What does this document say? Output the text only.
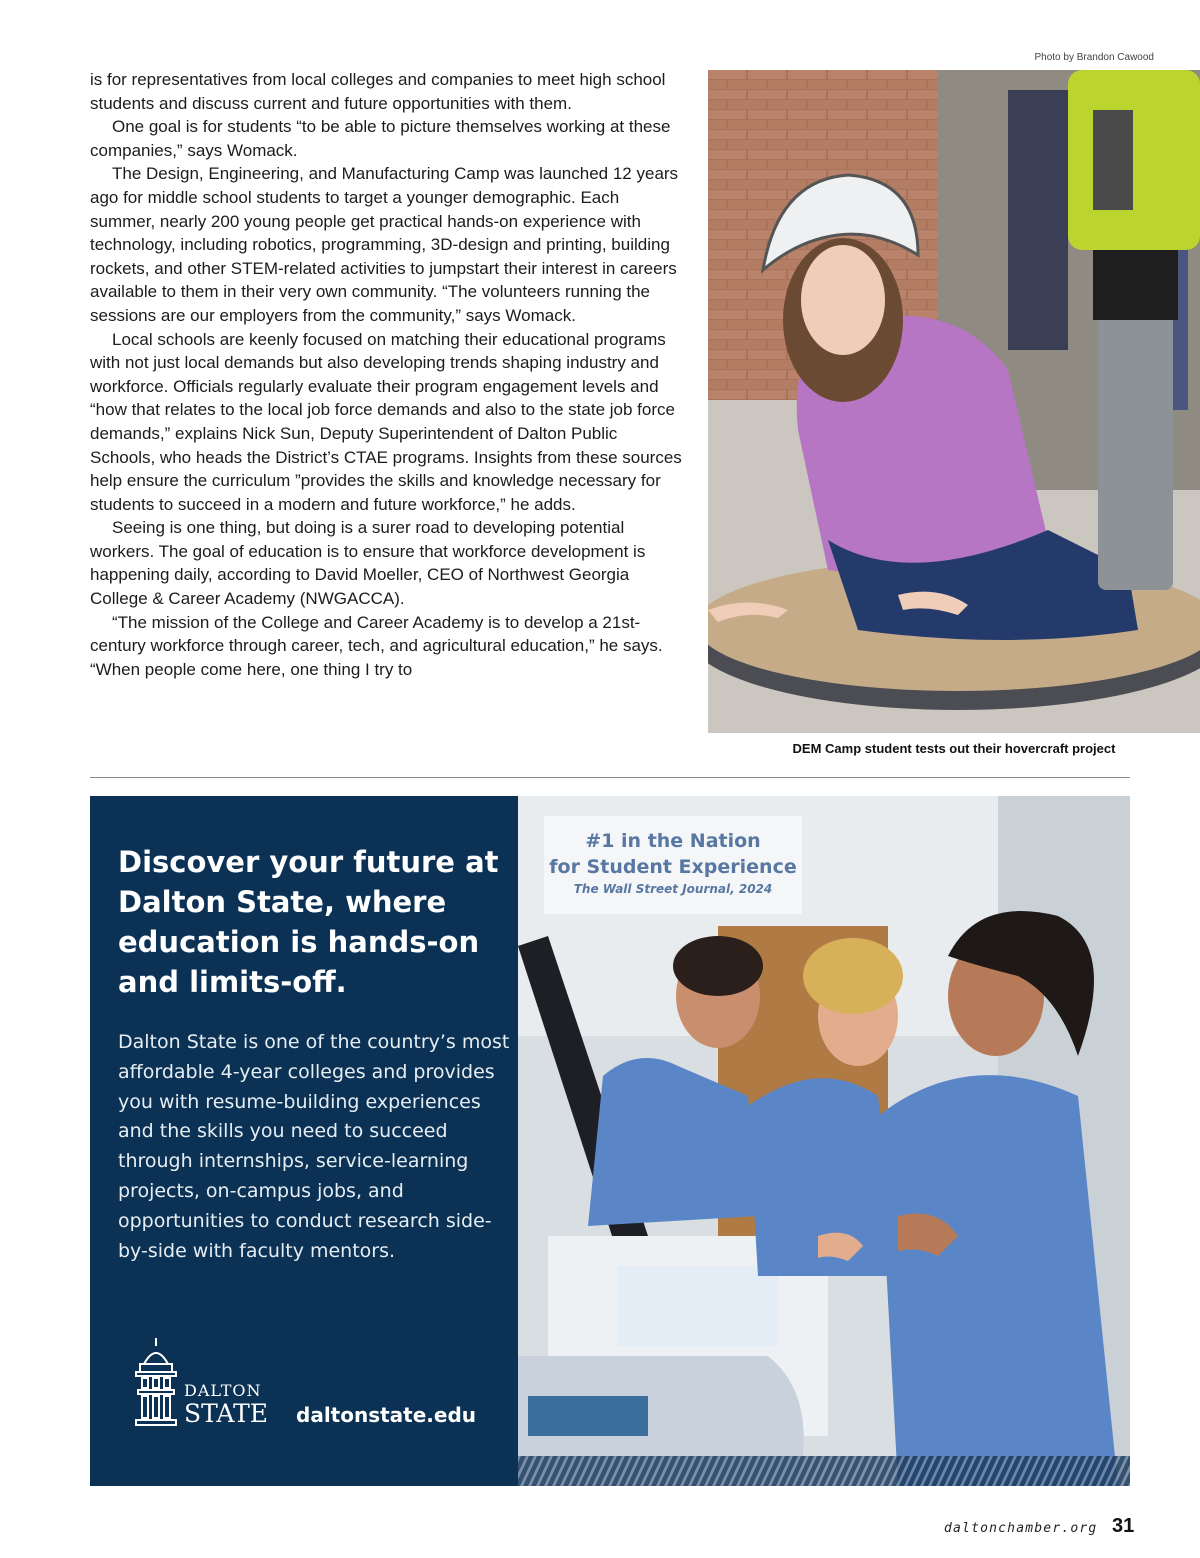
Photo by Brandon Cawood

is for representatives from local colleges and companies to meet high school students and discuss current and future opportunities with them.

One goal is for students “to be able to picture themselves working at these companies,” says Womack.

The Design, Engineering, and Manufacturing Camp was launched 12 years ago for middle school students to target a younger demographic. Each summer, nearly 200 young people get practical hands-on experience with technology, including robotics, programming, 3D-design and printing, building rockets, and other STEM-related activities to jumpstart their interest in careers available to them in their very own community. “The volunteers running the sessions are our employers from the community,” says Womack.

Local schools are keenly focused on matching their educational programs with not just local demands but also developing trends shaping industry and workforce. Officials regularly evaluate their program engagement levels and “how that relates to the local job force demands and also to the state job force demands,” explains Nick Sun, Deputy Superintendent of Dalton Public Schools, who heads the District’s CTAE programs. Insights from these sources help ensure the curriculum ”provides the skills and knowledge necessary for students to succeed in a modern and future workforce,” he adds.

Seeing is one thing, but doing is a surer road to developing potential workers. The goal of education is to ensure that workforce development is happening daily, according to David Moeller, CEO of Northwest Georgia College & Career Academy (NWGACCA).

“The mission of the College and Career Academy is to develop a 21st-century workforce through career, tech, and agricultural education,” he says. “When people come here, one thing I try to

DEM Camp student tests out their hovercraft project
Discover your future at Dalton State, where education is hands-on and limits-off.

Dalton State is one of the country’s most affordable 4-year colleges and provides you with resume-building experiences and the skills you need to succeed through internships, service-learning projects, on-campus jobs, and opportunities to conduct research side-by-side with faculty mentors.

DALTON
STATE daltonstate.edu
#1 in the Nation
for Student Experience
The Wall Street Journal, 2024
daltonchamber.org 31
